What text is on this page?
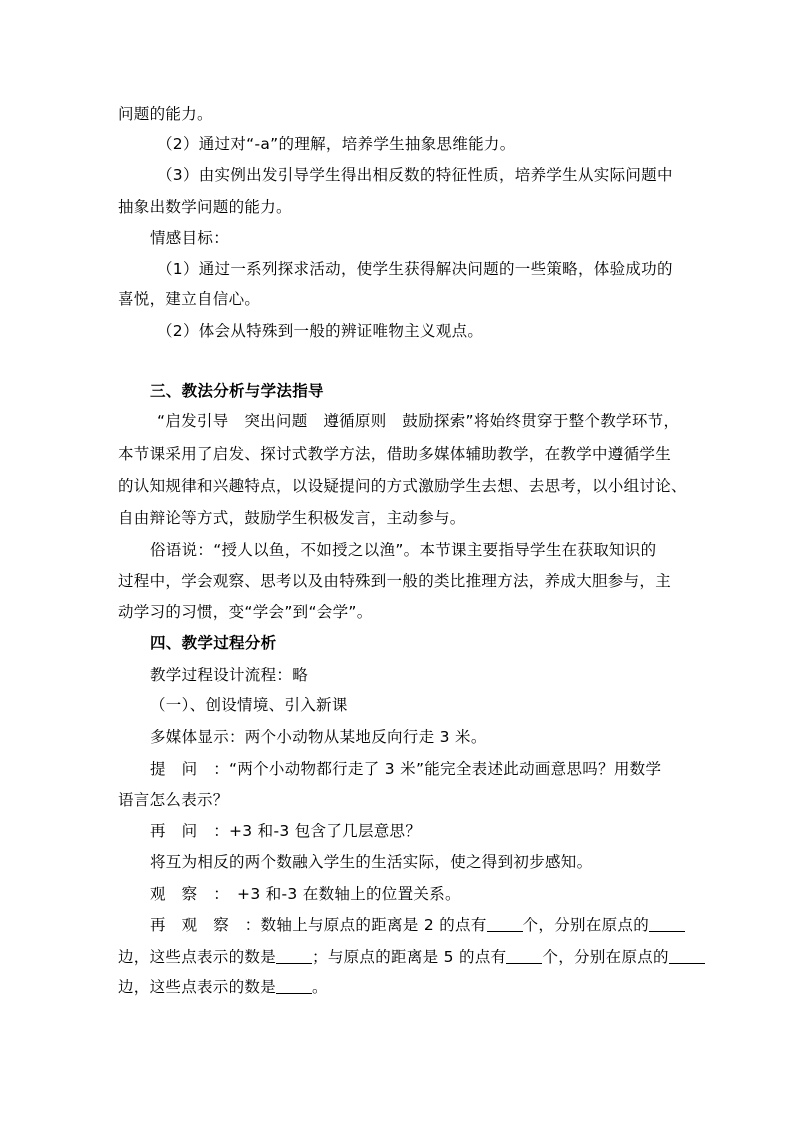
问题的能力。
（2）通过对“-a”的理解，培养学生抽象思维能力。
（3）由实例出发引导学生得出相反数的特征性质，培养学生从实际问题中
抽象出数学问题的能力。
情感目标：
（1）通过一系列探求活动，使学生获得解决问题的一些策略，体验成功的
喜悦，建立自信心。
（2）体会从特殊到一般的辨证唯物主义观点。
三、教法分析与学法指导
“启发引导　突出问题　遵循原则　鼓励探索”将始终贯穿于整个教学环节，
本节课采用了启发、探讨式教学方法，借助多媒体辅助教学，在教学中遵循学生
的认知规律和兴趣特点，以设疑提问的方式激励学生去想、去思考，以小组讨论、
自由辩论等方式，鼓励学生积极发言，主动参与。
俗语说：“授人以鱼，不如授之以渔”。本节课主要指导学生在获取知识的
过程中，学会观察、思考以及由特殊到一般的类比推理方法，养成大胆参与，主
动学习的习惯，变“学会”到“会学”。
四、教学过程分析
教学过程设计流程：略
（一）、创设情境、引入新课
多媒体显示：两个小动物从某地反向行走 3 米。
提　问　：“两个小动物都行走了 3 米”能完全表述此动画意思吗？用数学
语言怎么表示？
再　问　：+3 和-3 包含了几层意思？
将互为相反的两个数融入学生的生活实际，使之得到初步感知。
观　察　：　+3 和-3 在数轴上的位置关系。
再　观　察　：数轴上与原点的距离是 2 的点有 个，分别在原点的
边，这些点表示的数是 ；与原点的距离是 5 的点有 个，分别在原点的
边，这些点表示的数是 。
